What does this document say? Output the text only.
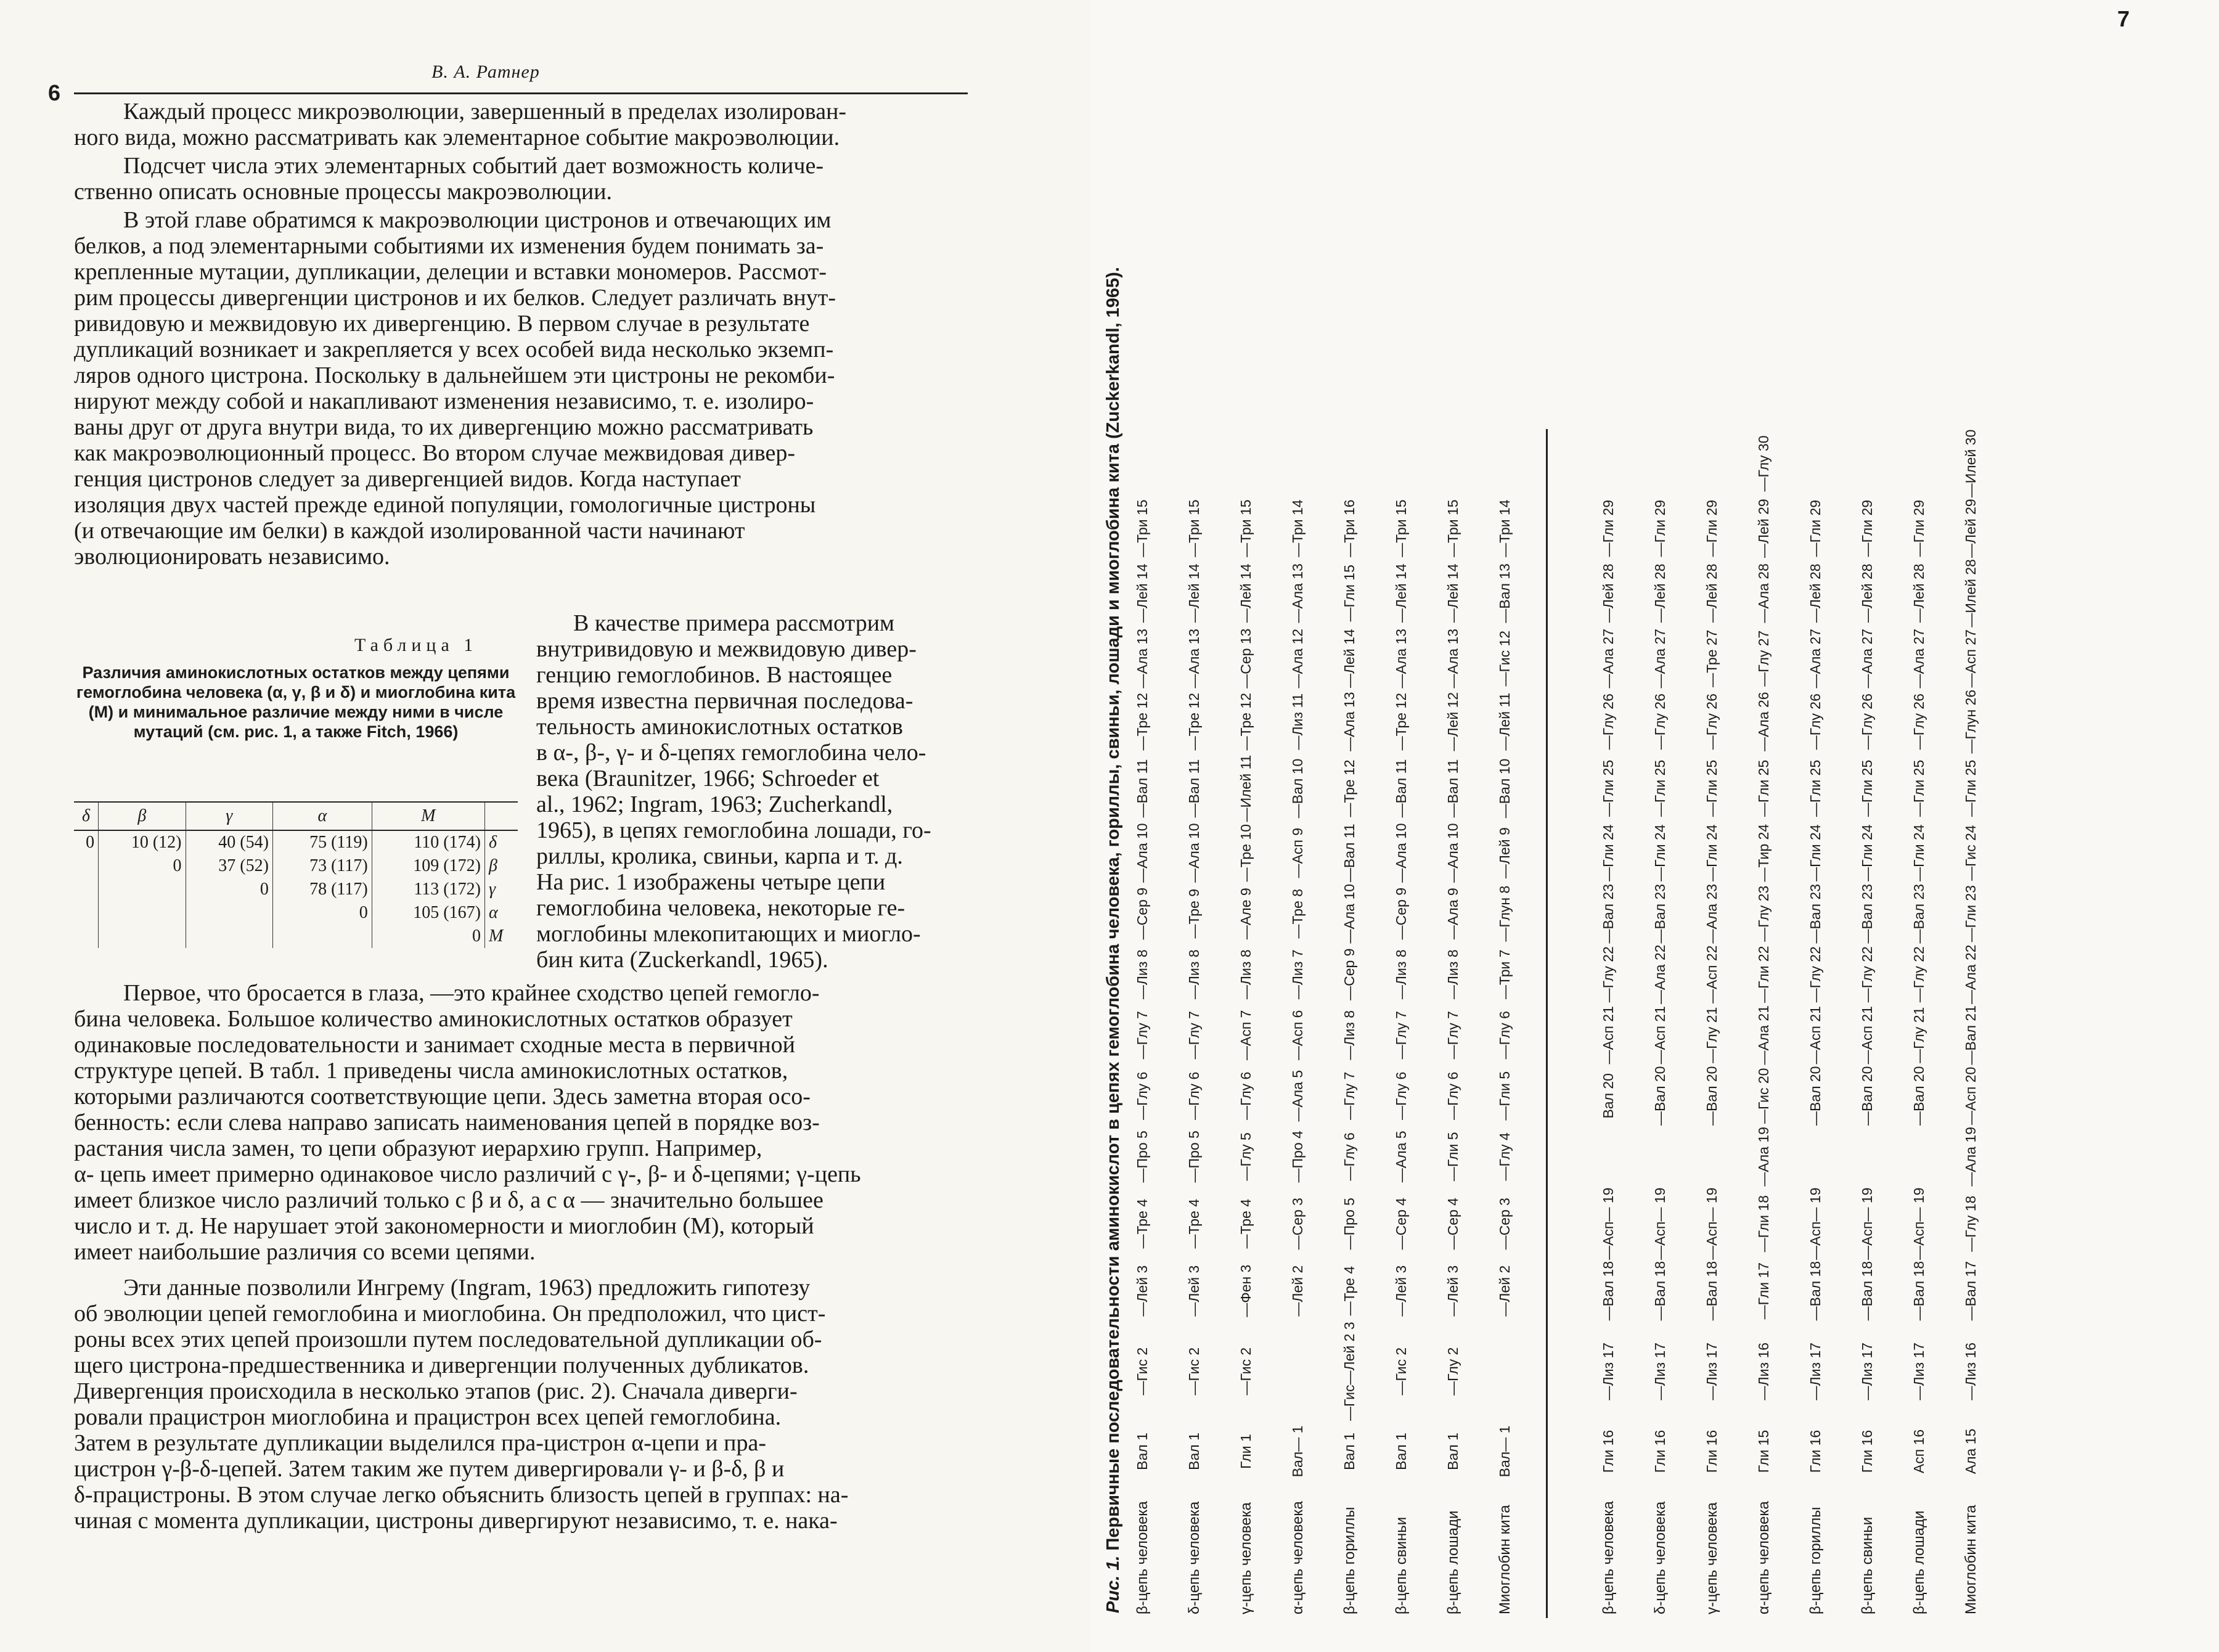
6
В. А. Ратнер
Каждый процесс микроэволюции, завершенный в пределах изолирован-
ного вида, можно рассматривать как элементарное событие макроэволюции.
Подсчет числа этих элементарных событий дает возможность количе-
ственно описать основные процессы макроэволюции.
В этой главе обратимся к макроэволюции цистронов и отвечающих им
белков, а под элементарными событиями их изменения будем понимать за-
крепленные мутации, дупликации, делеции и вставки мономеров. Рассмот-
рим процессы дивергенции цистронов и их белков. Следует различать внут-
ривидовую и межвидовую их дивергенцию. В первом случае в результате
дупликаций возникает и закрепляется у всех особей вида несколько экземп-
ляров одного цистрона. Поскольку в дальнейшем эти цистроны не рекомби-
нируют между собой и накапливают изменения независимо, т. е. изолиро-
ваны друг от друга внутри вида, то их дивергенцию можно рассматривать
как макроэволюционный процесс. Во втором случае межвидовая дивер-
генция цистронов следует за дивергенцией видов. Когда наступает
изоляция двух частей прежде единой популяции, гомологичные цистроны
(и отвечающие им белки) в каждой изолированной части начинают
эволюционировать независимо.
Таблица 1
Различия аминокислотных остатков между цепями гемоглобина человека (α, γ, β и δ) и миоглобина кита (М) и минимальное различие между ними в числе мутаций (см. рис. 1, а также Fitch, 1966)
δ	β	γ	α	M	
0	10 (12)	40 (54)	75 (119)	110 (174)	δ
	0	37 (52)	73 (117)	109 (172)	β
		0	78 (117)	113 (172)	γ
			0	105 (167)	α
				0	M
В качестве примера рассмотрим
внутривидовую и межвидовую дивер-
генцию гемоглобинов. В настоящее
время известна первичная последова-
тельность аминокислотных остатков
в α-, β-, γ- и δ-цепях гемоглобина чело-
века (Braunitzer, 1966; Schroeder et
al., 1962; Ingram, 1963; Zucherkandl,
1965), в цепях гемоглобина лошади, го-
риллы, кролика, свиньи, карпа и т. д.
На рис. 1 изображены четыре цепи
гемоглобина человека, некоторые ге-
моглобины млекопитающих и миогло-
бин кита (Zuckerkandl, 1965).
Первое, что бросается в глаза, —это крайнее сходство цепей гемогло-
бина человека. Большое количество аминокислотных остатков образует
одинаковые последовательности и занимает сходные места в первичной
структуре цепей. В табл. 1 приведены числа аминокислотных остатков,
которыми различаются соответствующие цепи. Здесь заметна вторая осо-
бенность: если слева направо записать наименования цепей в порядке воз-
растания числа замен, то цепи образуют иерархию групп. Например,
α- цепь имеет примерно одинаковое число различий с γ-, β- и δ-цепями; γ-цепь
имеет близкое число различий только с β и δ, а с α — значительно большее
число и т. д. Не нарушает этой закономерности и миоглобин (M), который
имеет наибольшие различия со всеми цепями.
Эти данные позволили Ингрему (Ingram, 1963) предложить гипотезу
об эволюции цепей гемоглобина и миоглобина. Он предположил, что цист-
роны всех этих цепей произошли путем последовательной дупликации об-
щего цистрона-предшественника и дивергенции полученных дубликатов.
Дивергенция происходила в несколько этапов (рис. 2). Сначала диверги-
ровали працистрон миоглобина и працистрон всех цепей гемоглобина.
Затем в результате дупликации выделился пра-цистрон α-цепи и пра-
цистрон γ-β-δ-цепей. Затем таким же путем дивергировали γ- и β-δ, β и
δ-працистроны. В этом случае легко объяснить близость цепей в группах: на-
чиная с момента дупликации, цистроны дивергируют независимо, т. е. нака-
7
Рис. 1. Первичные последовательности аминокислот в цепях гемоглобина человека, гориллы, свиньи, лошади и миоглобина кита (Zuckerkandl, 1965).
β-цепь человека	Вал 1	—Гис 2	—Лей 3	—Тре 4	—Про 5	—Глу 6	—Глу 7	—Лиз 8	—Сер 9	—Ала 10	—Вал 11	—Тре 12	—Ала 13	—Лей 14	—Три 15	
δ-цепь человека	Вал 1	—Гис 2	—Лей 3	—Тре 4	—Про 5	—Глу 6	—Глу 7	—Лиз 8	—Тре 9	—Ала 10	—Вал 11	—Тре 12	—Ала 13	—Лей 14	—Три 15	
γ-цепь человека	Гли 1	—Гис 2	—Фен 3	—Тре 4	—Глу 5	—Глу 6	—Асп 7	—Лиз 8	—Але 9	—Тре 10	—Илей 11	—Тре 12	—Сер 13	—Лей 14	—Три 15	
α-цепь человека	Вал— 1		—Лей 2	—Сер 3	—Про 4	—Ала 5	—Асп 6	—Лиз 7	—Тре 8	—Асп 9	—Вал 10	—Лиз 11	—Ала 12	—Ала 13	—Три 14	
β-цепь гориллы	Вал 1	—Гис—Лей 2 3	—Тре 4	—Про 5	—Глу 6	—Глу 7	—Лиз 8	—Сер 9	—Ала 10	—Вал 11	—Тре 12	—Ала 13	—Лей 14	—Гли 15	—Три 16	
β-цепь свиньи	Вал 1	—Гис 2	—Лей 3	—Сер 4	—Ала 5	—Глу 6	—Глу 7	—Лиз 8	—Сер 9	—Ала 10	—Вал 11	—Тре 12	—Ала 13	—Лей 14	—Три 15	
β-цепь лошади	Вал 1	—Глу 2	—Лей 3	—Сер 4	—Гли 5	—Глу 6	—Глу 7	—Лиз 8	—Ала 9	—Ала 10	—Вал 11	—Лей 12	—Ала 13	—Лей 14	—Три 15	
Миоглобин кита	Вал— 1		—Лей 2	—Сер 3	—Глу 4	—Гли 5	—Глу 6	—Три 7	—Глун 8	—Лей 9	—Вал 10	—Лей 11	—Гис 12	—Вал 13	—Три 14	

β-цепь человека	Гли 16	—Лиз 17	—Вал 18	—Асп— 19		Вал 20	—Асп 21	—Глу 22	—Вал 23	—Гли 24	—Гли 25	—Глу 26	—Ала 27	—Лей 28	—Гли 29	
δ-цепь человека	Гли 16	—Лиз 17	—Вал 18	—Асп— 19		—Вал 20	—Асп 21	—Ала 22	—Вал 23	—Гли 24	—Гли 25	—Глу 26	—Ала 27	—Лей 28	—Гли 29	
γ-цепь человека	Гли 16	—Лиз 17	—Вал 18	—Асп— 19		—Вал 20	—Глу 21	—Асп 22	—Ала 23	—Гли 24	—Гли 25	—Глу 26	—Тре 27	—Лей 28	—Гли 29	
α-цепь человека	Гли 15	—Лиз 16	—Гли 17	—Гли 18	—Ала 19	—Гис 20	—Ала 21	—Гли 22	—Глу 23	—Тир 24	—Гли 25	—Ала 26	—Глу 27	—Ала 28	—Лей 29	—Глу 30
β-цепь гориллы	Гли 16	—Лиз 17	—Вал 18	—Асп— 19		—Вал 20	—Асп 21	—Глу 22	—Вал 23	—Гли 24	—Гли 25	—Глу 26	—Ала 27	—Лей 28	—Гли 29	
β-цепь свиньи	Гли 16	—Лиз 17	—Вал 18	—Асп— 19		—Вал 20	—Асп 21	—Глу 22	—Вал 23	—Гли 24	—Гли 25	—Глу 26	—Ала 27	—Лей 28	—Гли 29	
β-цепь лошади	Асп 16	—Лиз 17	—Вал 18	—Асп— 19		—Вал 20	—Глу 21	—Глу 22	—Вал 23	—Гли 24	—Гли 25	—Глу 26	—Ала 27	—Лей 28	—Гли 29	
Миоглобин кита	Ала 15	—Лиз 16	—Вал 17	—Глу 18	—Ала 19	—Асп 20	—Вал 21	—Ала 22	—Гли 23	—Гис 24	—Гли 25	—Глун 26	—Асп 27	—Илей 28	—Лей 29	—Илей 30
